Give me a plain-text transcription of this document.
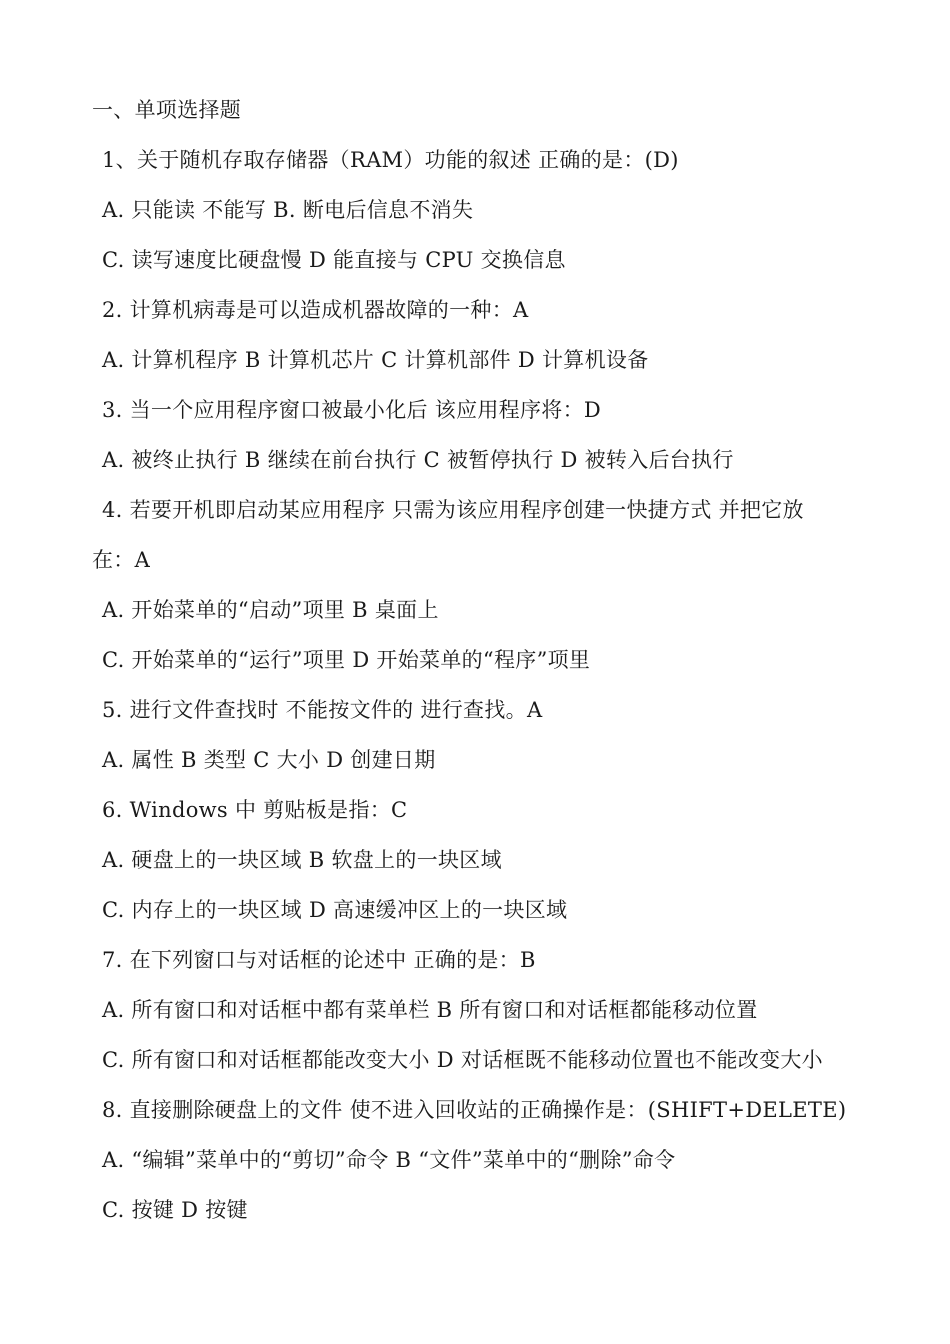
一、单项选择题
1、关于随机存取存储器（RAM）功能的叙述 正确的是：(D)
A. 只能读 不能写 B. 断电后信息不消失
C. 读写速度比硬盘慢 D 能直接与 CPU 交换信息
2. 计算机病毒是可以造成机器故障的一种：A
A. 计算机程序 B 计算机芯片 C 计算机部件 D 计算机设备
3. 当一个应用程序窗口被最小化后 该应用程序将：D
A. 被终止执行 B 继续在前台执行 C 被暂停执行 D 被转入后台执行
4. 若要开机即启动某应用程序 只需为该应用程序创建一快捷方式 并把它放
在：A
A. 开始菜单的“启动”项里 B 桌面上
C. 开始菜单的“运行”项里 D 开始菜单的“程序”项里
5. 进行文件查找时 不能按文件的 进行查找。A
A. 属性 B 类型 C 大小 D 创建日期
6. Windows 中 剪贴板是指：C
A. 硬盘上的一块区域 B 软盘上的一块区域
C. 内存上的一块区域 D 高速缓冲区上的一块区域
7. 在下列窗口与对话框的论述中 正确的是：B
A. 所有窗口和对话框中都有菜单栏 B 所有窗口和对话框都能移动位置
C. 所有窗口和对话框都能改变大小 D 对话框既不能移动位置也不能改变大小
8. 直接删除硬盘上的文件 使不进入回收站的正确操作是：(SHIFT+DELETE)
A. “编辑”菜单中的“剪切”命令 B “文件”菜单中的“删除”命令
C. 按键 D 按键
